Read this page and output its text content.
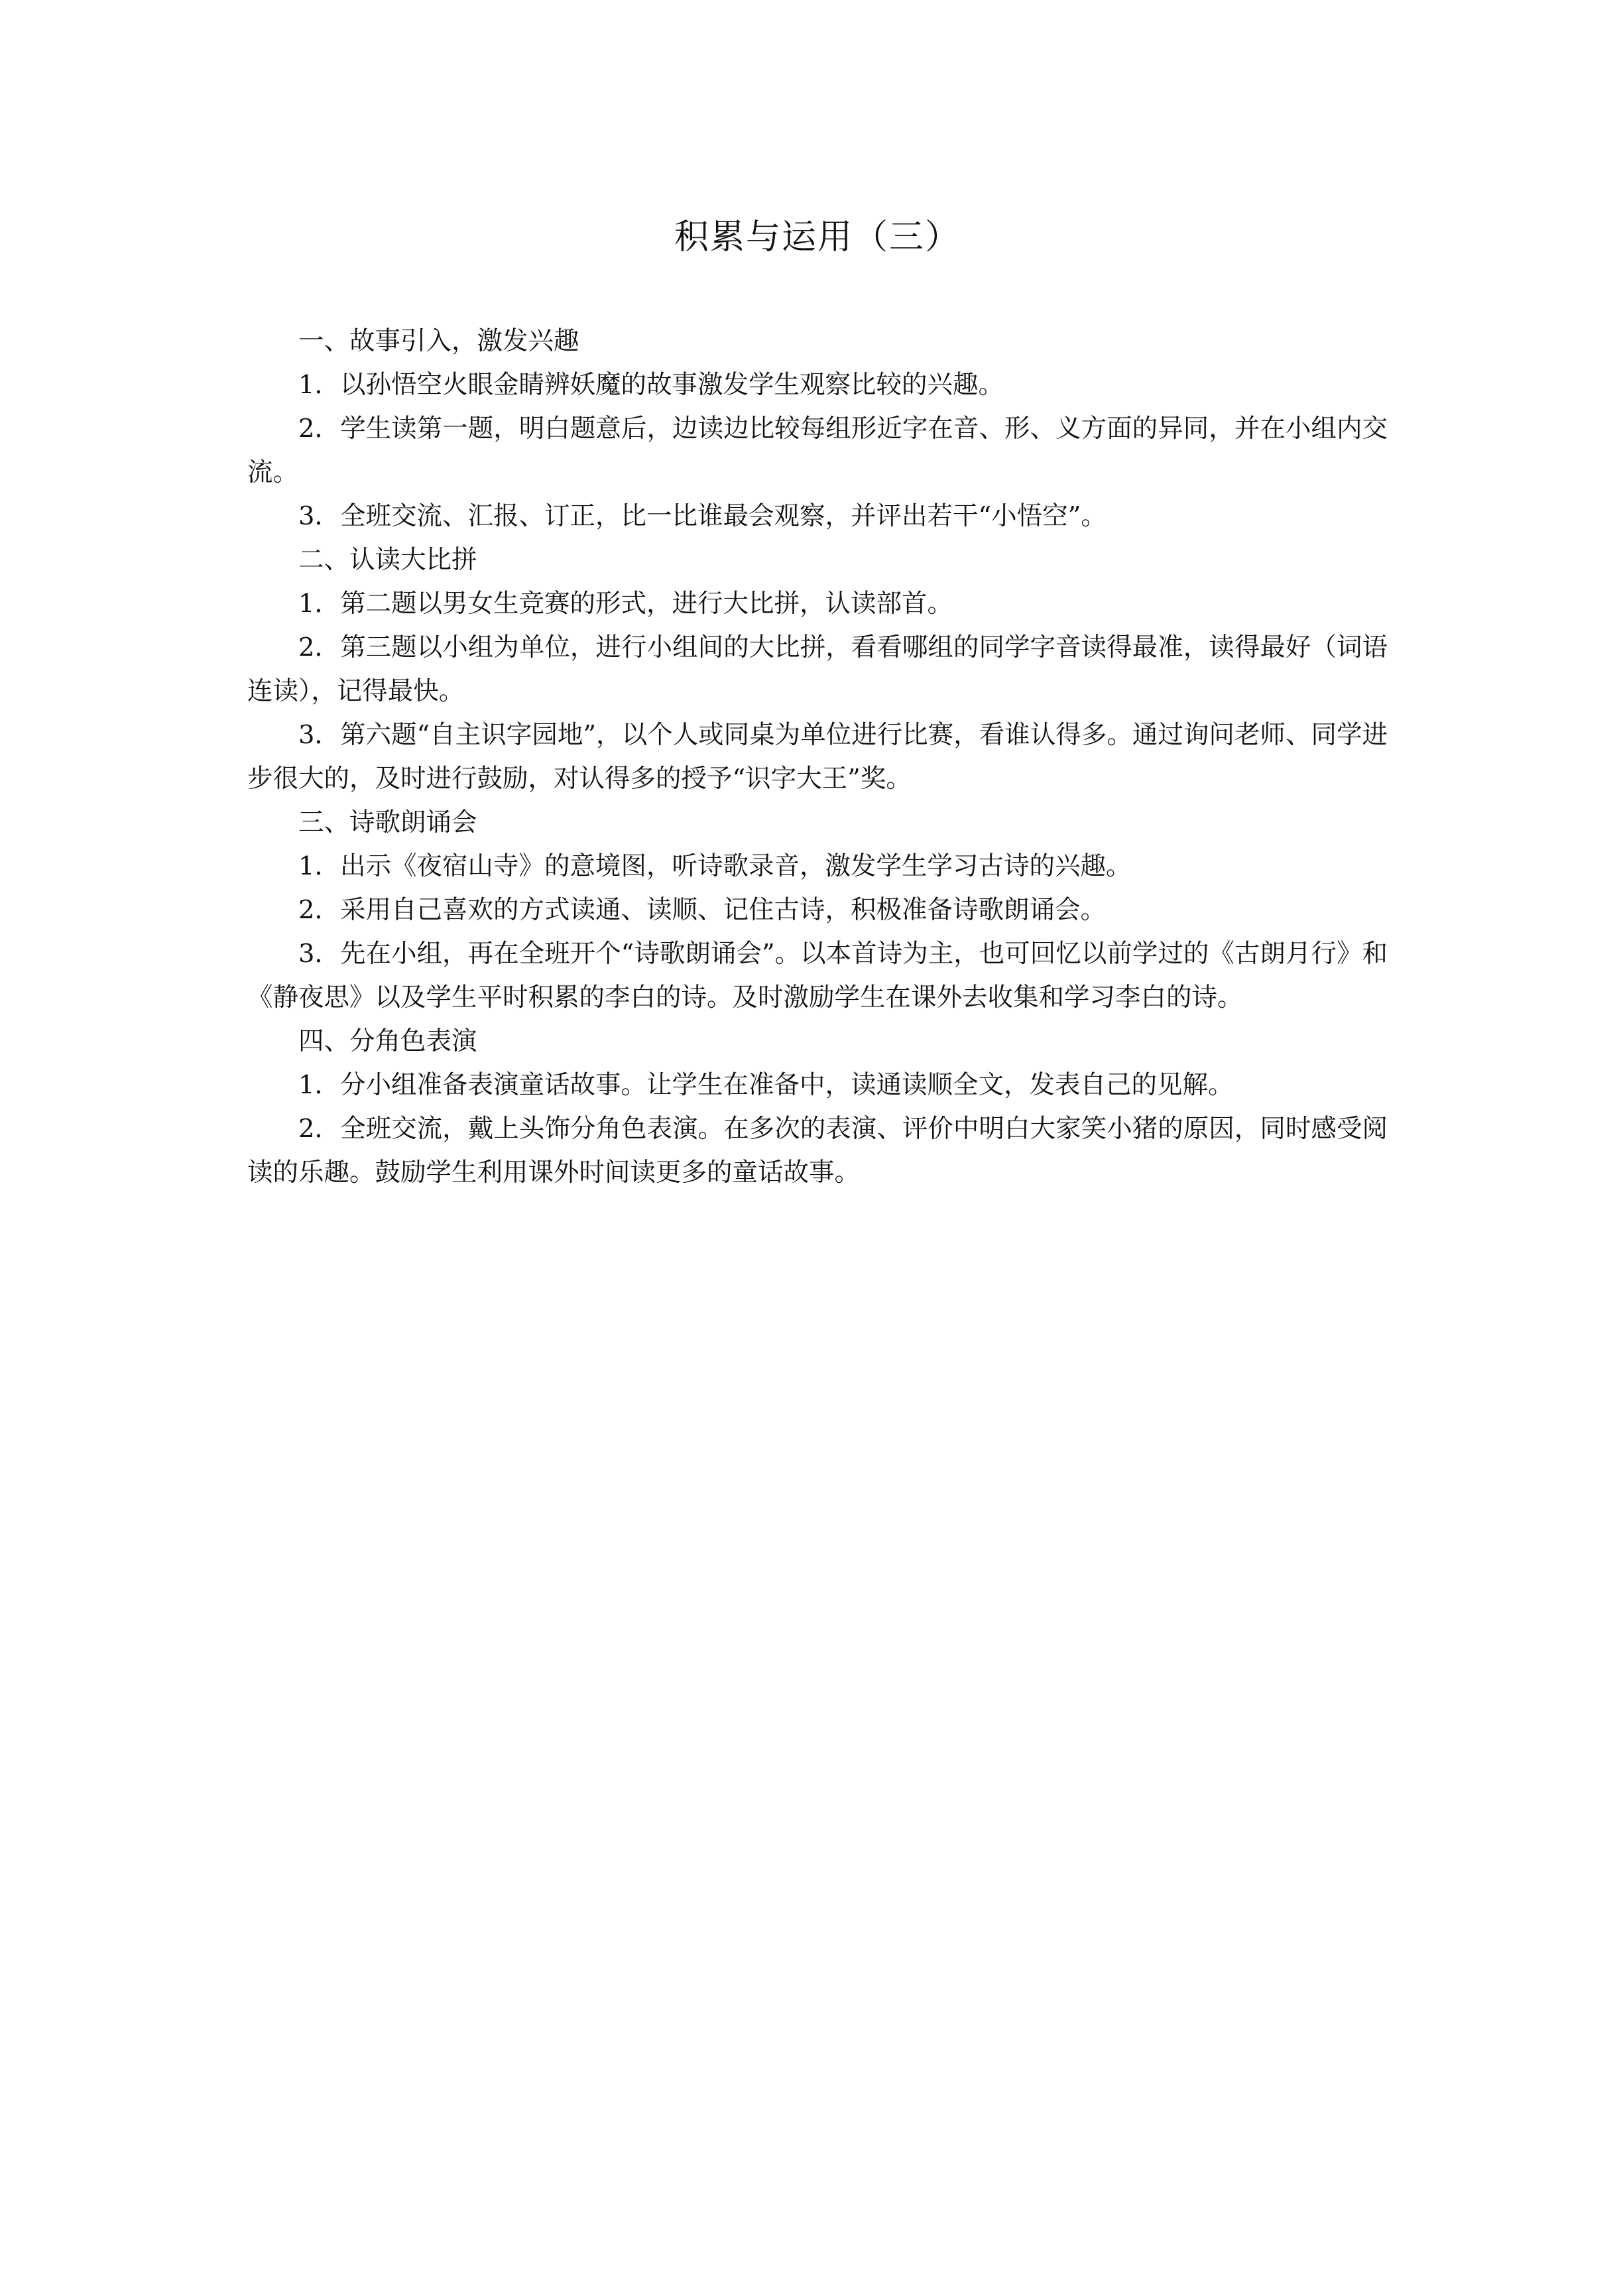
积累与运用（三）

一、故事引入，激发兴趣

1．以孙悟空火眼金睛辨妖魔的故事激发学生观察比较的兴趣。

2．学生读第一题，明白题意后，边读边比较每组形近字在音、形、义方面的异同，并在小组内交流。

3．全班交流、汇报、订正，比一比谁最会观察，并评出若干“小悟空”。

二、认读大比拼

1．第二题以男女生竞赛的形式，进行大比拼，认读部首。

2．第三题以小组为单位，进行小组间的大比拼，看看哪组的同学字音读得最准，读得最好（词语连读），记得最快。

3．第六题“自主识字园地”，以个人或同桌为单位进行比赛，看谁认得多。通过询问老师、同学进步很大的，及时进行鼓励，对认得多的授予“识字大王”奖。

三、诗歌朗诵会

1．出示《夜宿山寺》的意境图，听诗歌录音，激发学生学习古诗的兴趣。

2．采用自己喜欢的方式读通、读顺、记住古诗，积极准备诗歌朗诵会。

3．先在小组，再在全班开个“诗歌朗诵会”。以本首诗为主，也可回忆以前学过的《古朗月行》和《静夜思》以及学生平时积累的李白的诗。及时激励学生在课外去收集和学习李白的诗。

四、分角色表演

1．分小组准备表演童话故事。让学生在准备中，读通读顺全文，发表自己的见解。

2．全班交流，戴上头饰分角色表演。在多次的表演、评价中明白大家笑小猪的原因，同时感受阅读的乐趣。鼓励学生利用课外时间读更多的童话故事。
